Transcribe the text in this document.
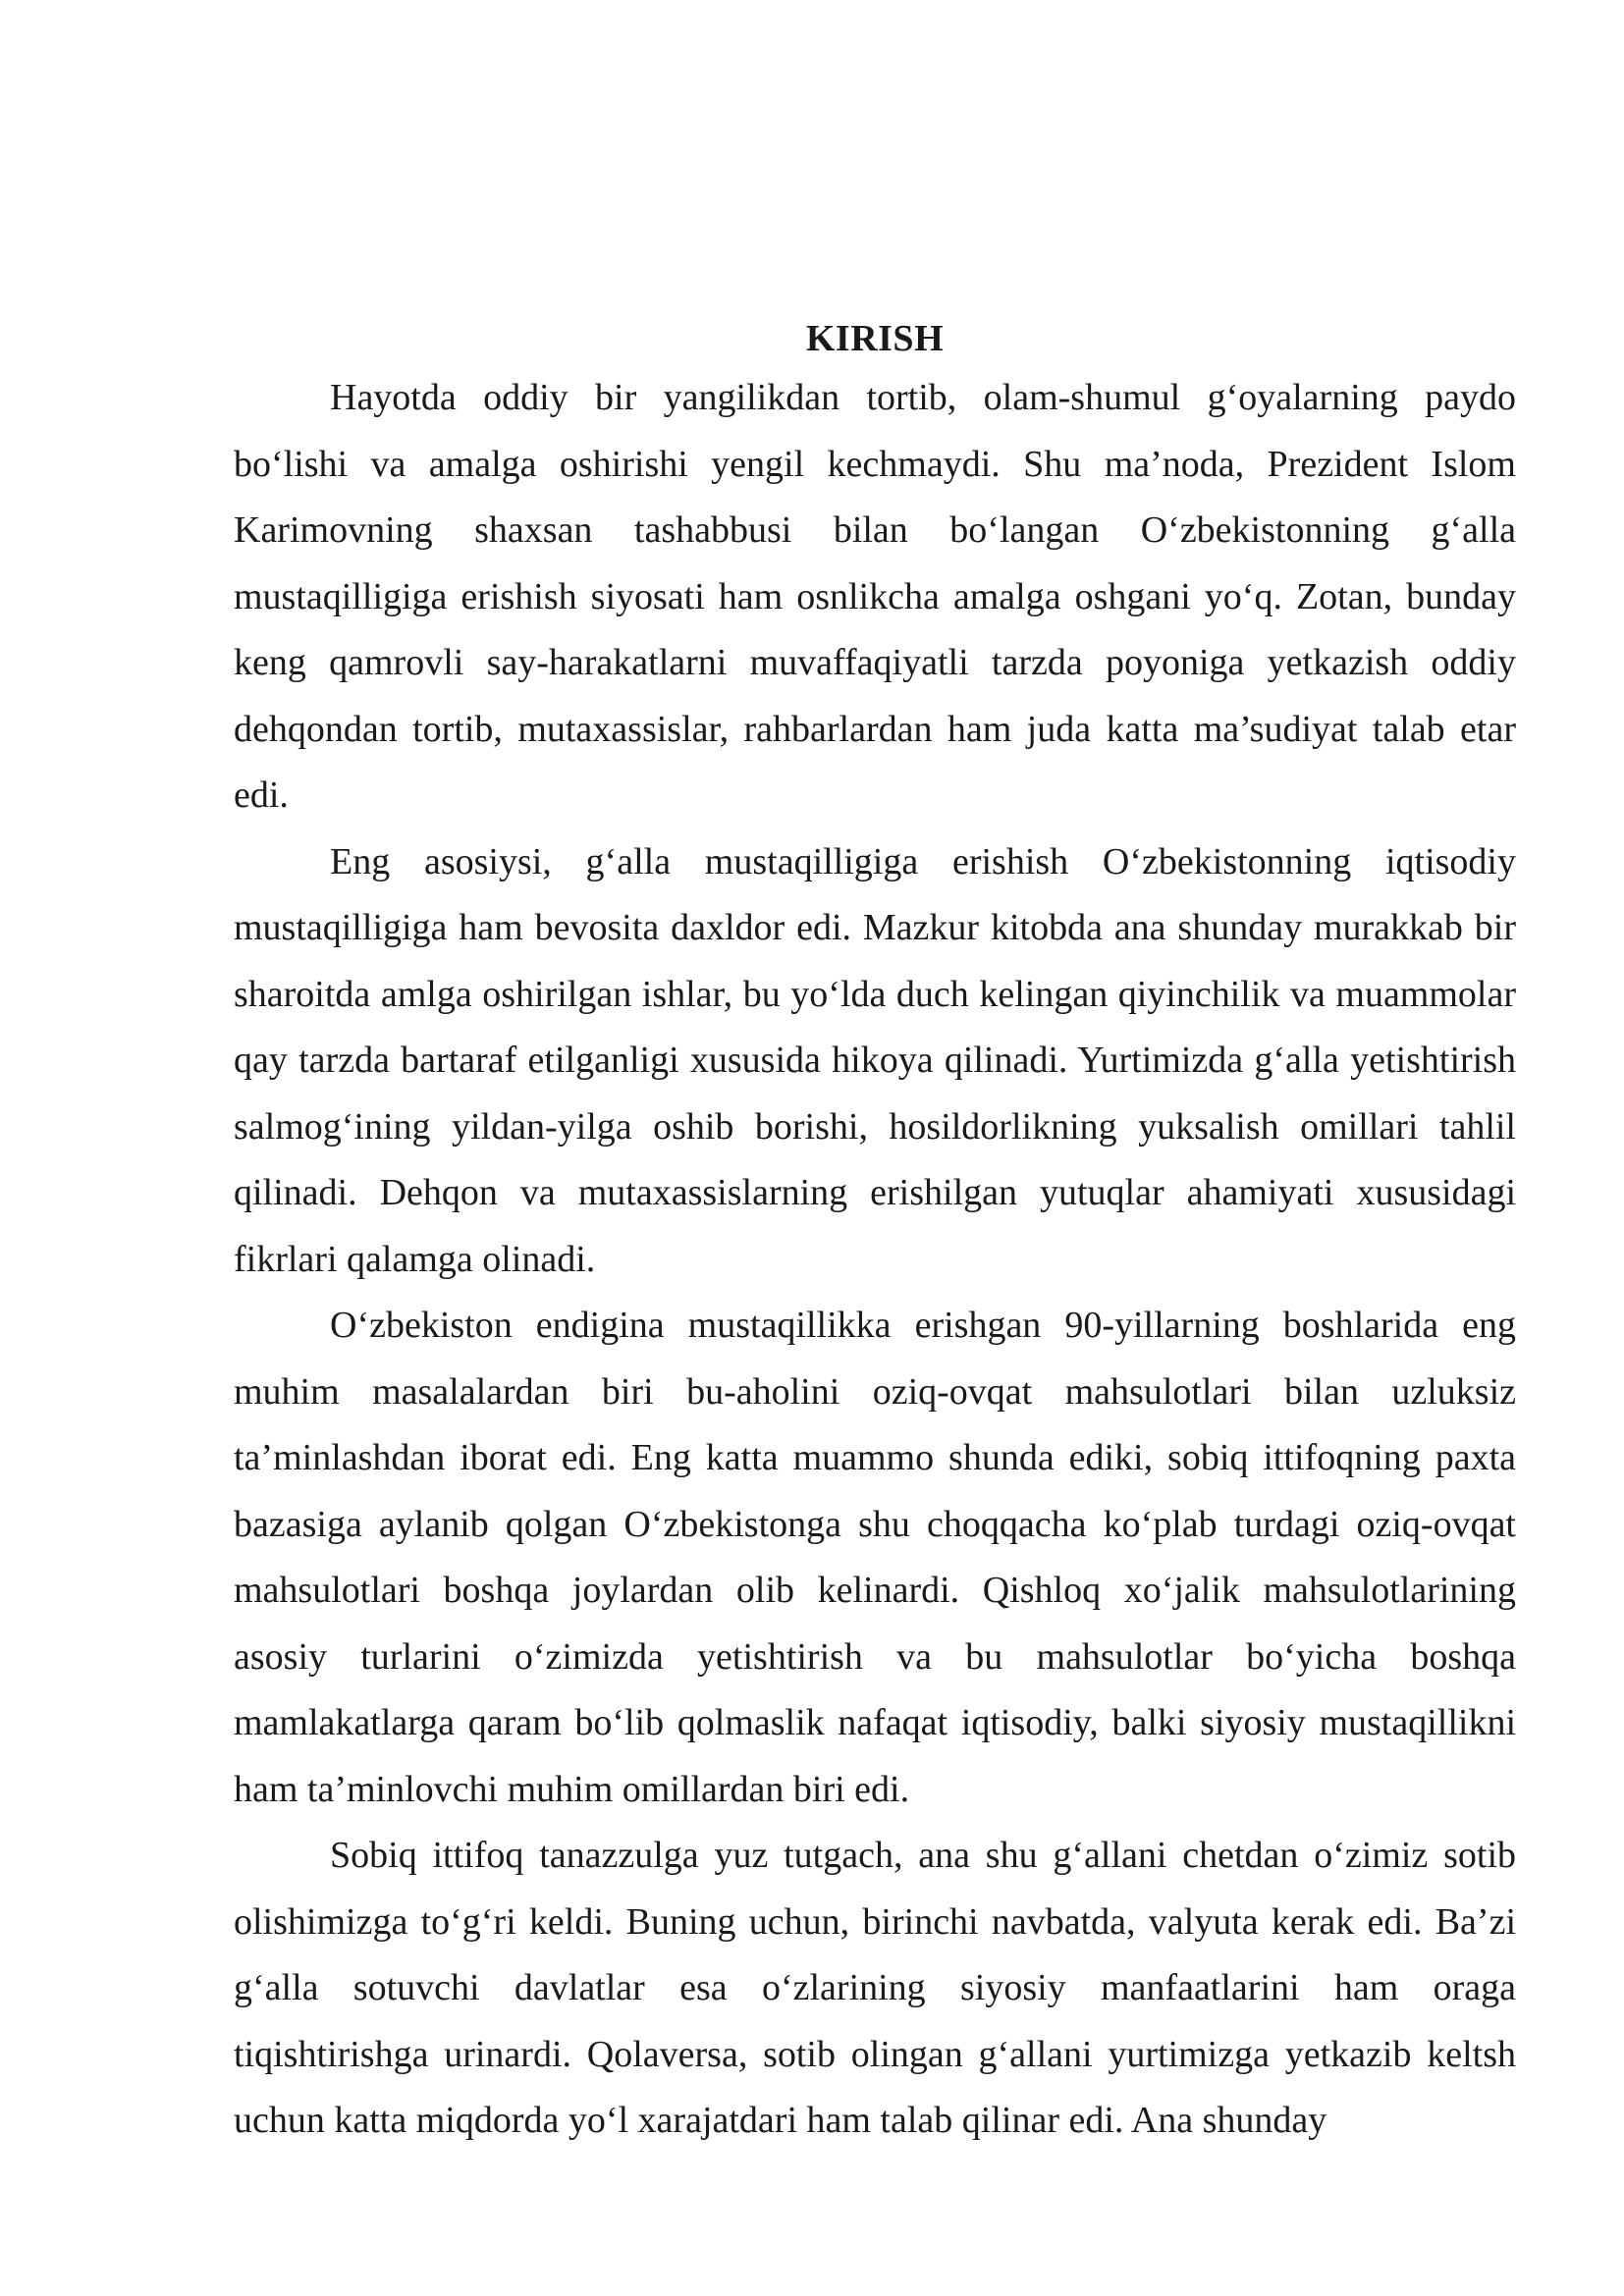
KIRISH

Hayotda oddiy bir yangilikdan tortib, olam-shumul g‘oyalarning paydo bo‘lishi va amalga oshirishi yengil kechmaydi. Shu ma’noda, Prezident Islom Karimovning shaxsan tashabbusi bilan bo‘langan O‘zbekistonning g‘alla mustaqilligiga erishish siyosati ham osnlikcha amalga oshgani yo‘q. Zotan, bunday keng qamrovli say-harakatlarni muvaffaqiyatli tarzda poyoniga yetkazish oddiy dehqondan tortib, mutaxassislar, rahbarlardan ham juda katta ma’sudiyat talab etar edi.

Eng asosiysi, g‘alla mustaqilligiga erishish O‘zbekistonning iqtisodiy mustaqilligiga ham bevosita daxldor edi. Mazkur kitobda ana shunday murakkab bir sharoitda amlga oshirilgan ishlar, bu yo‘lda duch kelingan qiyinchilik va muammolar qay tarzda bartaraf etilganligi xususida hikoya qilinadi. Yurtimizda g‘alla yetishtirish salmog‘ining yildan-yilga oshib borishi, hosildorlikning yuksalish omillari tahlil qilinadi. Dehqon va mutaxassislarning erishilgan yutuqlar ahamiyati xususidagi fikrlari qalamga olinadi.

O‘zbekiston endigina mustaqillikka erishgan 90-yillarning boshlarida eng muhim masalalardan biri bu-aholini oziq-ovqat mahsulotlari bilan uzluksiz ta’minlashdan iborat edi. Eng katta muammo shunda ediki, sobiq ittifoqning paxta bazasiga aylanib qolgan O‘zbekistonga shu choqqacha ko‘plab turdagi oziq-ovqat mahsulotlari boshqa joylardan olib kelinardi. Qishloq xo‘jalik mahsulotlarining asosiy turlarini o‘zimizda yetishtirish va bu mahsulotlar bo‘yicha boshqa mamlakatlarga qaram bo‘lib qolmaslik nafaqat iqtisodiy, balki siyosiy mustaqillikni ham ta’minlovchi muhim omillardan biri edi.

Sobiq ittifoq tanazzulga yuz tutgach, ana shu g‘allani chetdan o‘zimiz sotib olishimizga to‘g‘ri keldi. Buning uchun, birinchi navbatda, valyuta kerak edi. Ba’zi g‘alla sotuvchi davlatlar esa o‘zlarining siyosiy manfaatlarini ham oraga tiqishtirishga urinardi. Qolaversa, sotib olingan g‘allani yurtimizga yetkazib keltsh uchun katta miqdorda yo‘l xarajatdari ham talab qilinar edi. Ana shunday
